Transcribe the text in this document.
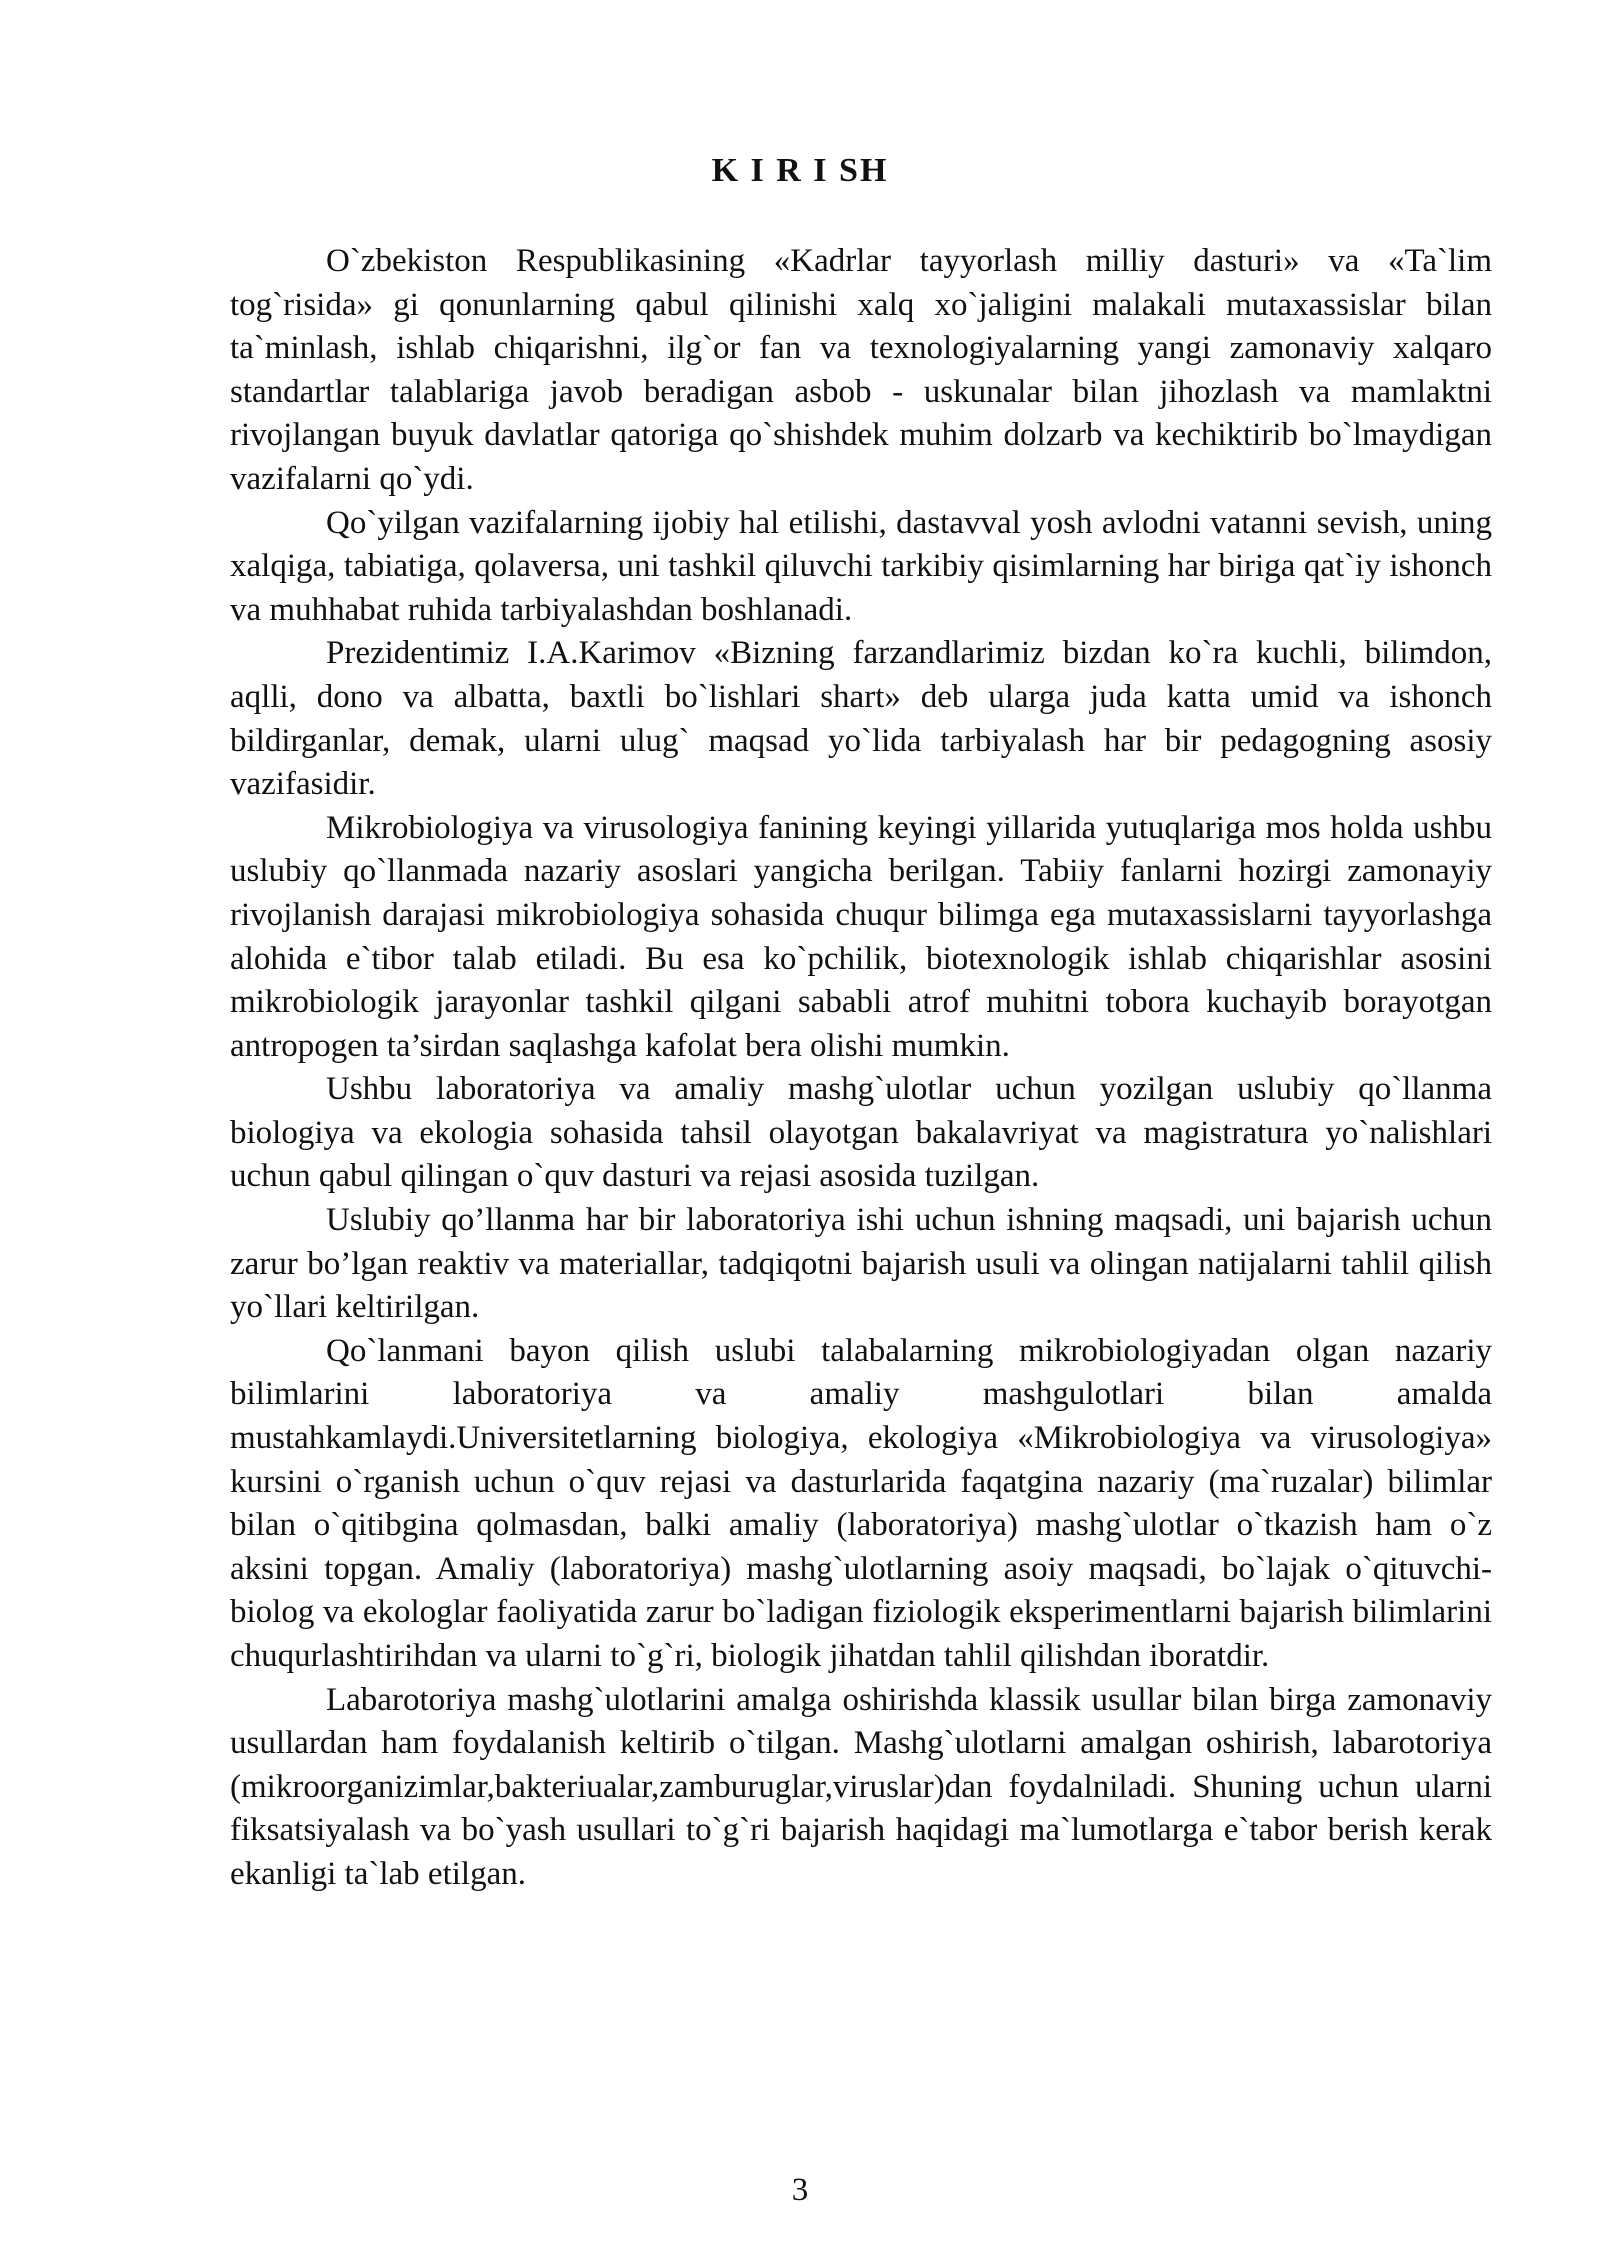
K I R I SH

O`zbekiston Respublikasining «Kadrlar tayyorlash milliy dasturi» va «Ta`lim tog`risida» gi qonunlarning qabul qilinishi xalq xo`jaligini malakali mutaxassislar bilan ta`minlash, ishlab chiqarishni, ilg`or fan va texnologiyalarning yangi zamonaviy xalqaro standartlar talablariga javob beradigan asbob - uskunalar bilan jihozlash va mamlaktni rivojlangan buyuk davlatlar qatoriga qo`shishdek muhim dolzarb va kechiktirib bo`lmaydigan vazifalarni qo`ydi.

Qo`yilgan vazifalarning ijobiy hal etilishi, dastavval yosh avlodni vatanni sevish, uning xalqiga, tabiatiga, qolaversa, uni tashkil qiluvchi tarkibiy qisimlarning har biriga qat`iy ishonch va muhhabat ruhida tarbiyalashdan boshlanadi.

Prezidentimiz I.A.Karimov «Bizning farzandlarimiz bizdan ko`ra kuchli, bilimdon, aqlli, dono va albatta, baxtli bo`lishlari shart» deb ularga juda katta umid va ishonch bildirganlar, demak, ularni ulug` maqsad yo`lida tarbiyalash har bir pedagogning asosiy vazifasidir.

Mikrobiologiya va virusologiya fanining keyingi yillarida yutuqlariga mos holda ushbu uslubiy qo`llanmada nazariy asoslari yangicha berilgan. Tabiiy fanlarni hozirgi zamonayiy rivojlanish darajasi mikrobiologiya sohasida chuqur bilimga ega mutaxassislarni tayyorlashga alohida e`tibor talab etiladi. Bu esa ko`pchilik, biotexnologik ishlab chiqarishlar asosini mikrobiologik jarayonlar tashkil qilgani sababli atrof muhitni tobora kuchayib borayotgan antropogen ta’sirdan saqlashga kafolat bera olishi mumkin.

Ushbu laboratoriya va amaliy mashg`ulotlar uchun yozilgan uslubiy qo`llanma biologiya va ekologia sohasida tahsil olayotgan bakalavriyat va magistratura yo`nalishlari uchun qabul qilingan o`quv dasturi va rejasi asosida tuzilgan.

Uslubiy qo’llanma har bir laboratoriya ishi uchun ishning maqsadi, uni bajarish uchun zarur bo’lgan reaktiv va materiallar, tadqiqotni bajarish usuli va olingan natijalarni tahlil qilish yo`llari keltirilgan.

Qo`lanmani bayon qilish uslubi talabalarning mikrobiologiyadan olgan nazariy bilimlarini laboratoriya va amaliy mashgulotlari bilan amalda mustahkamlaydi.Universitetlarning biologiya, ekologiya «Mikrobiologiya va virusologiya» kursini o`rganish uchun o`quv rejasi va dasturlarida faqatgina nazariy (ma`ruzalar) bilimlar bilan o`qitibgina qolmasdan, balki amaliy (laboratoriya) mashg`ulotlar o`tkazish ham o`z aksini topgan. Amaliy (laboratoriya) mashg`ulotlarning asoiy maqsadi, bo`lajak o`qituvchi-biolog va ekologlar faoliyatida zarur bo`ladigan fiziologik eksperimentlarni bajarish bilimlarini chuqurlashtirihdan va ularni to`g`ri, biologik jihatdan tahlil qilishdan iboratdir.

Labarotoriya mashg`ulotlarini amalga oshirishda klassik usullar bilan birga zamonaviy usullardan ham foydalanish keltirib o`tilgan. Mashg`ulotlarni amalgan oshirish, labarotoriya (mikroorganizimlar,bakteriualar,zamburuglar,viruslar)dan foydalniladi. Shuning uchun ularni fiksatsiyalash va bo`yash usullari to`g`ri bajarish haqidagi ma`lumotlarga e`tabor berish kerak ekanligi ta`lab etilgan.

3
